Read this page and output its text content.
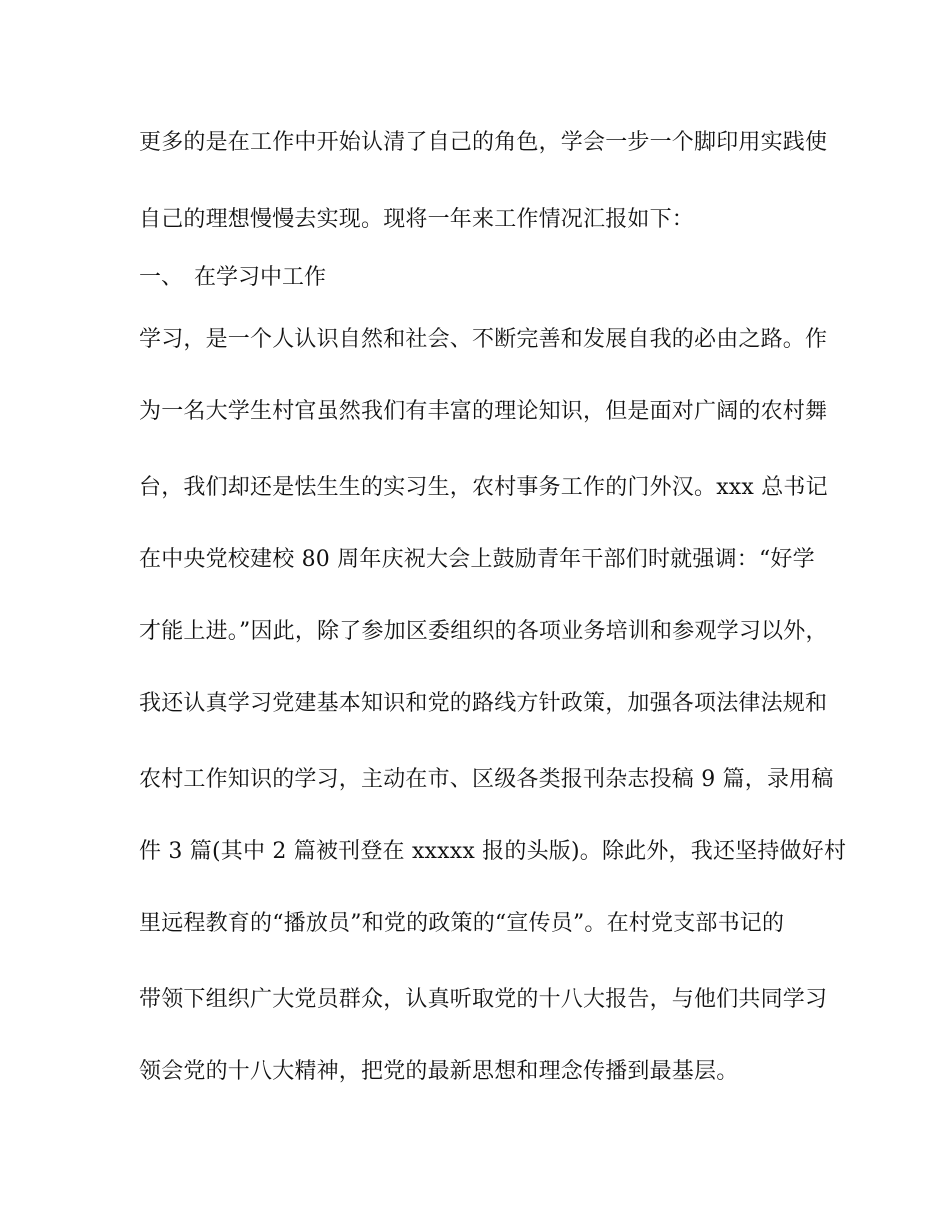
更多的是在工作中开始认清了自己的角色，学会一步一个脚印用实践使
自己的理想慢慢去实现。现将一年来工作情况汇报如下：
一、 在学习中工作
学习，是一个人认识自然和社会、不断完善和发展自我的必由之路。作
为一名大学生村官虽然我们有丰富的理论知识，但是面对广阔的农村舞
台，我们却还是怯生生的实习生，农村事务工作的门外汉。xxx 总书记
在中央党校建校 80 周年庆祝大会上鼓励青年干部们时就强调：“好学
才能上进。”因此，除了参加区委组织的各项业务培训和参观学习以外，
我还认真学习党建基本知识和党的路线方针政策，加强各项法律法规和
农村工作知识的学习，主动在市、区级各类报刊杂志投稿 9 篇，录用稿
件 3 篇(其中 2 篇被刊登在 xxxxx 报的头版)。除此外，我还坚持做好村
里远程教育的“播放员”和党的政策的“宣传员”。在村党支部书记的
带领下组织广大党员群众，认真听取党的十八大报告，与他们共同学习
领会党的十八大精神，把党的最新思想和理念传播到最基层。
